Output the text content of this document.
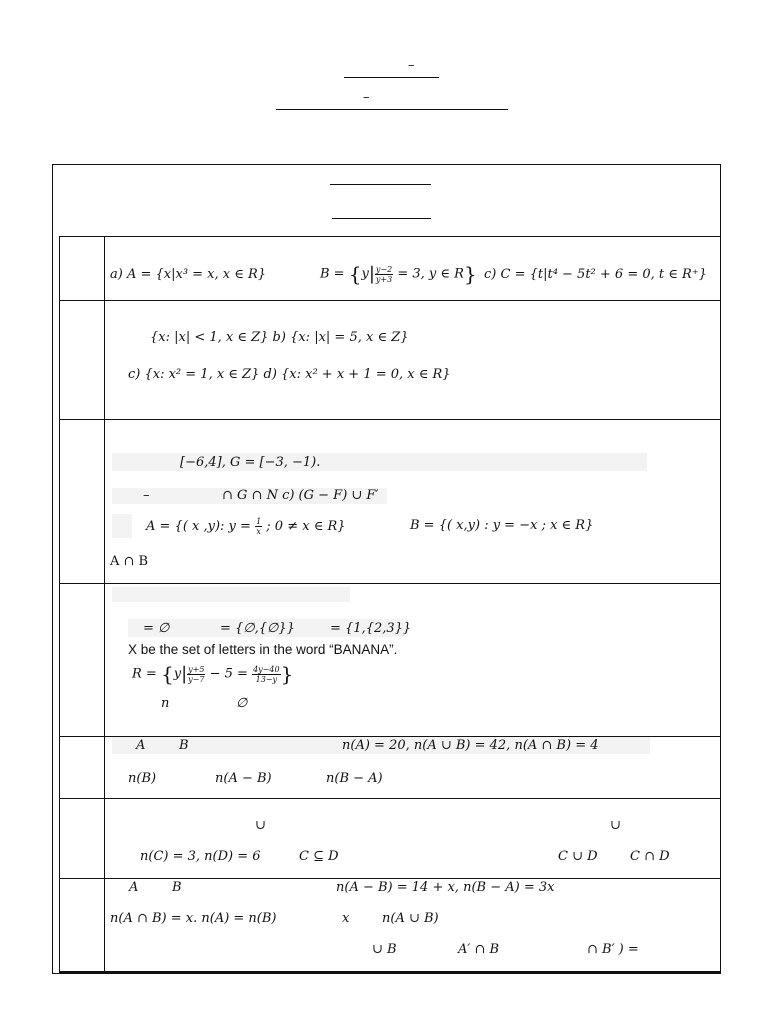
–
–
a) A = {x|x³ = x, x ∈ R}	$B = \{y| \frac{y-2}{y+3} = 3$, y ∈ R} c) C = {t|t⁴ − 5t² + 6 = 0, t ∈ R⁺}
{x: |x| < 1, x ∈ Z} b) {x: |x| = 5, x ∈ Z}
c) {x: x² = 1, x ∈ Z} d) {x: x² + x + 1 = 0, x ∈ R}
[−6,4], G = [−3, −1).
–	∩ G ∩ N c) (G − F) ∪ F′
A = {( x ,y): $y = \frac{1}{x}$ ; 0 ≠ x ∈ R}	B = {( x,y) : y = −x ; x ∈ R}
A ∩ B
= ∅	= {∅,{∅}}	= {1,{2,3}}
X be the set of letters in the word “BANANA”.
$R = \{y| \frac{y+5}{y-7} - 5 = \frac{4y-40}{13-y}$ }
n	∅
A	B	n(A) = 20, n(A ∪ B) = 42, n(A ∩ B) = 4
n(B)	n(A − B)	n(B − A)
∪	∪
n(C) = 3, n(D) = 6	C ⊆ D	C ∪ D C ∩ D
A	B	n(A − B) = 14 + x, n(B − A) = 3x
n(A ∩ B) = x. n(A) = n(B)	x	n(A ∪ B)
∪ B	A′ ∩ B	∩ B′ ) =
